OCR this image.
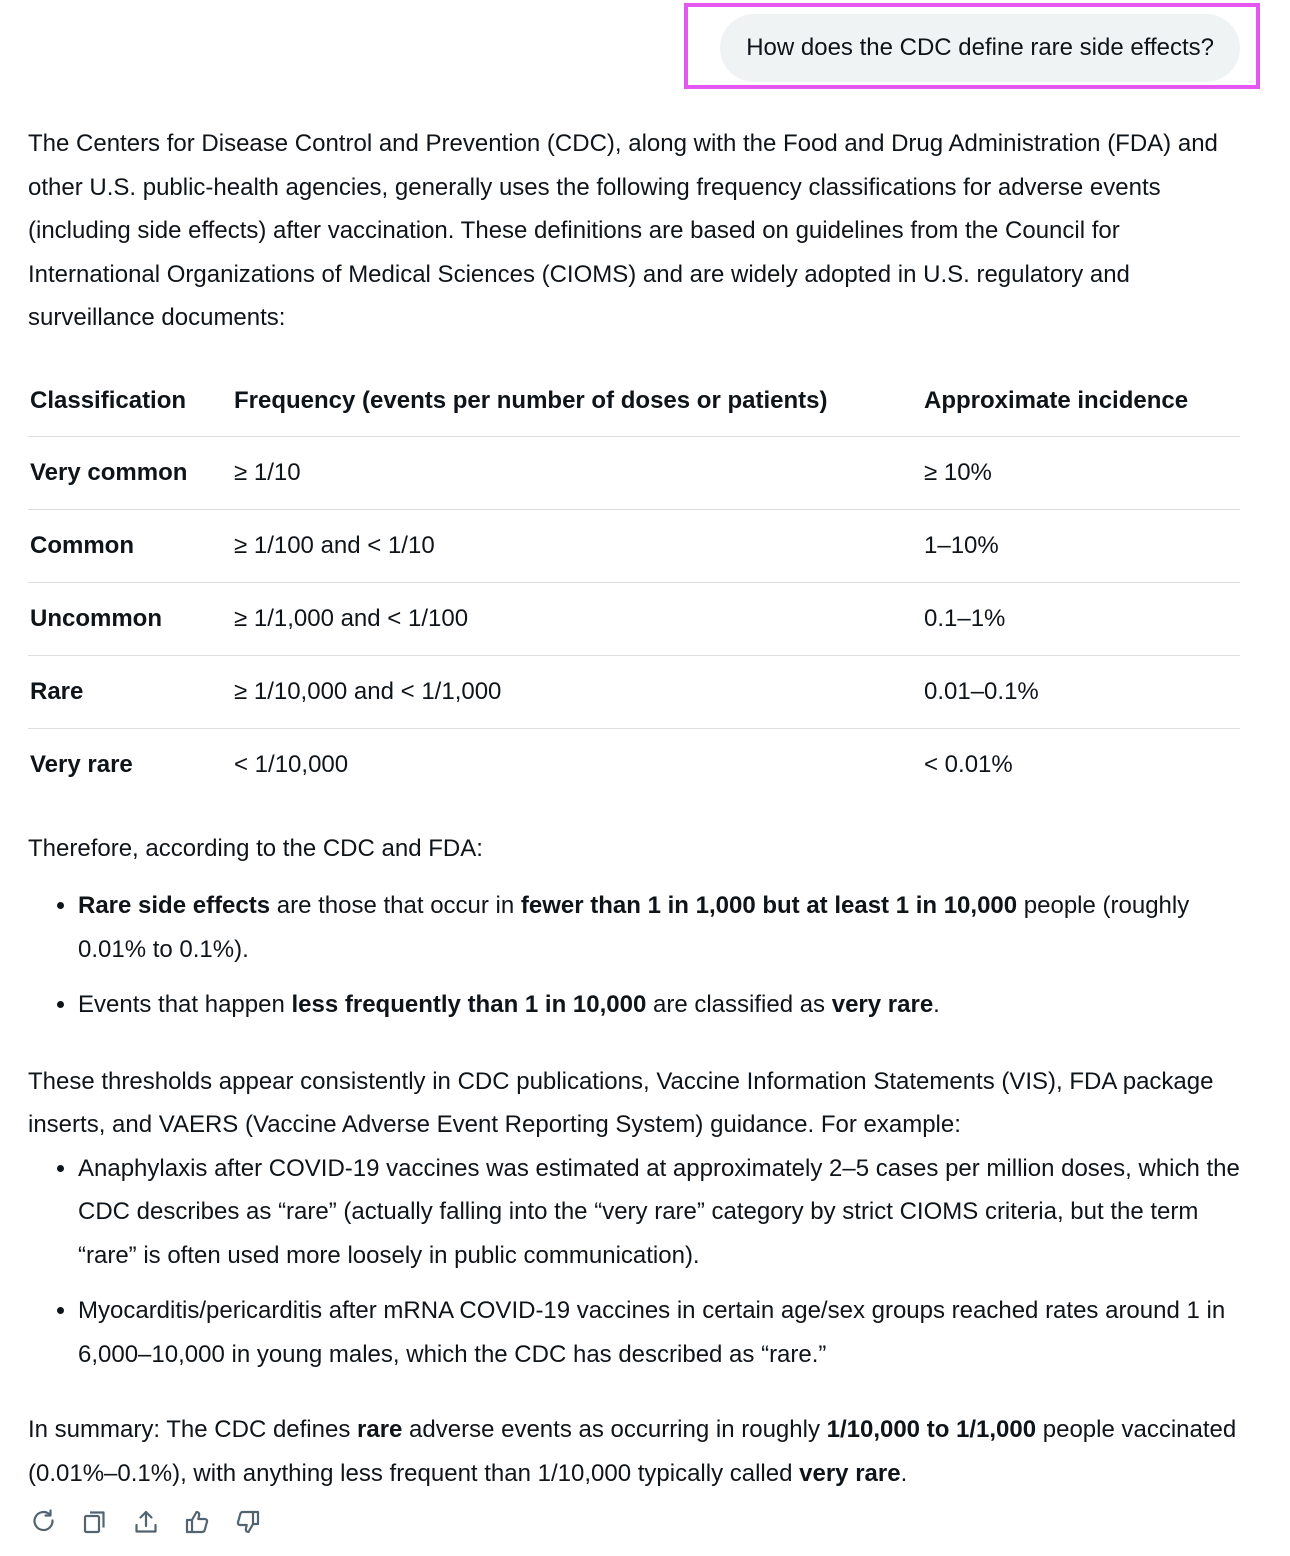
How does the CDC define rare side effects?

The Centers for Disease Control and Prevention (CDC), along with the Food and Drug Administration (FDA) and other U.S. public-health agencies, generally uses the following frequency classifications for adverse events (including side effects) after vaccination. These definitions are based on guidelines from the Council for International Organizations of Medical Sciences (CIOMS) and are widely adopted in U.S. regulatory and surveillance documents:

Classification	Frequency (events per number of doses or patients)	Approximate incidence
Very common	≥ 1/10	≥ 10%
Common	≥ 1/100 and < 1/10	1–10%
Uncommon	≥ 1/1,000 and < 1/100	0.1–1%
Rare	≥ 1/10,000 and < 1/1,000	0.01–0.1%
Very rare	< 1/10,000	< 0.01%

Therefore, according to the CDC and FDA:

• Rare side effects are those that occur in fewer than 1 in 1,000 but at least 1 in 10,000 people (roughly 0.01% to 0.1%).
• Events that happen less frequently than 1 in 10,000 are classified as very rare.

These thresholds appear consistently in CDC publications, Vaccine Information Statements (VIS), FDA package inserts, and VAERS (Vaccine Adverse Event Reporting System) guidance. For example:

• Anaphylaxis after COVID-19 vaccines was estimated at approximately 2–5 cases per million doses, which the CDC describes as “rare” (actually falling into the “very rare” category by strict CIOMS criteria, but the term “rare” is often used more loosely in public communication).
• Myocarditis/pericarditis after mRNA COVID-19 vaccines in certain age/sex groups reached rates around 1 in 6,000–10,000 in young males, which the CDC has described as “rare.”

In summary: The CDC defines rare adverse events as occurring in roughly 1/10,000 to 1/1,000 people vaccinated (0.01%–0.1%), with anything less frequent than 1/10,000 typically called very rare.
